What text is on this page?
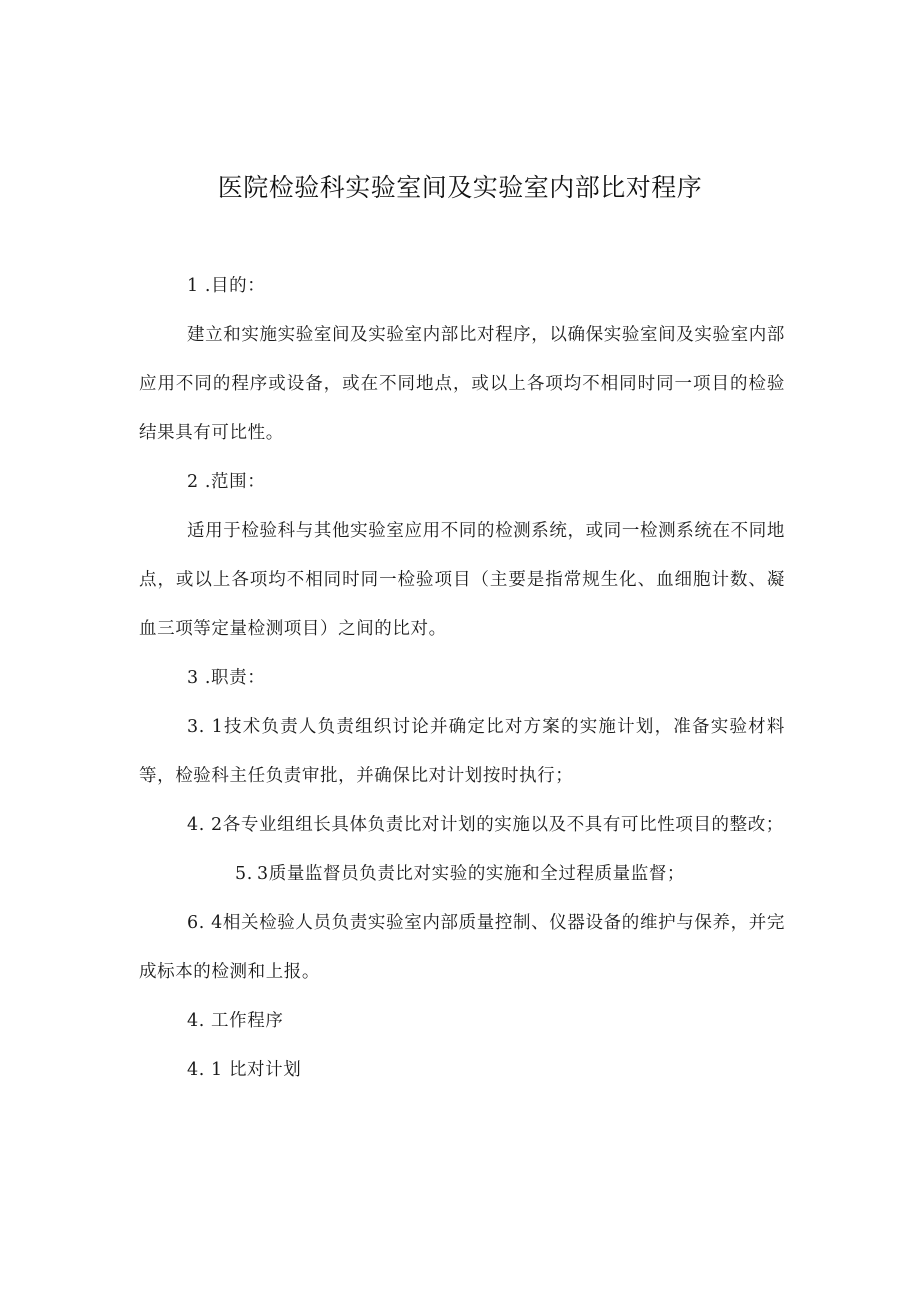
医院检验科实验室间及实验室内部比对程序

1 .目的：

建立和实施实验室间及实验室内部比对程序，以确保实验室间及实验室内部应用不同的程序或设备，或在不同地点，或以上各项均不相同时同一项目的检验结果具有可比性。

2 .范围：

适用于检验科与其他实验室应用不同的检测系统，或同一检测系统在不同地点，或以上各项均不相同时同一检验项目（主要是指常规生化、血细胞计数、凝血三项等定量检测项目）之间的比对。

3 .职责：

3. 1技术负责人负责组织讨论并确定比对方案的实施计划，准备实验材料等，检验科主任负责审批，并确保比对计划按时执行；

4. 2各专业组组长具体负责比对计划的实施以及不具有可比性项目的整改；

5. 3质量监督员负责比对实验的实施和全过程质量监督；

6. 4相关检验人员负责实验室内部质量控制、仪器设备的维护与保养，并完成标本的检测和上报。

4. 工作程序

4. 1 比对计划
